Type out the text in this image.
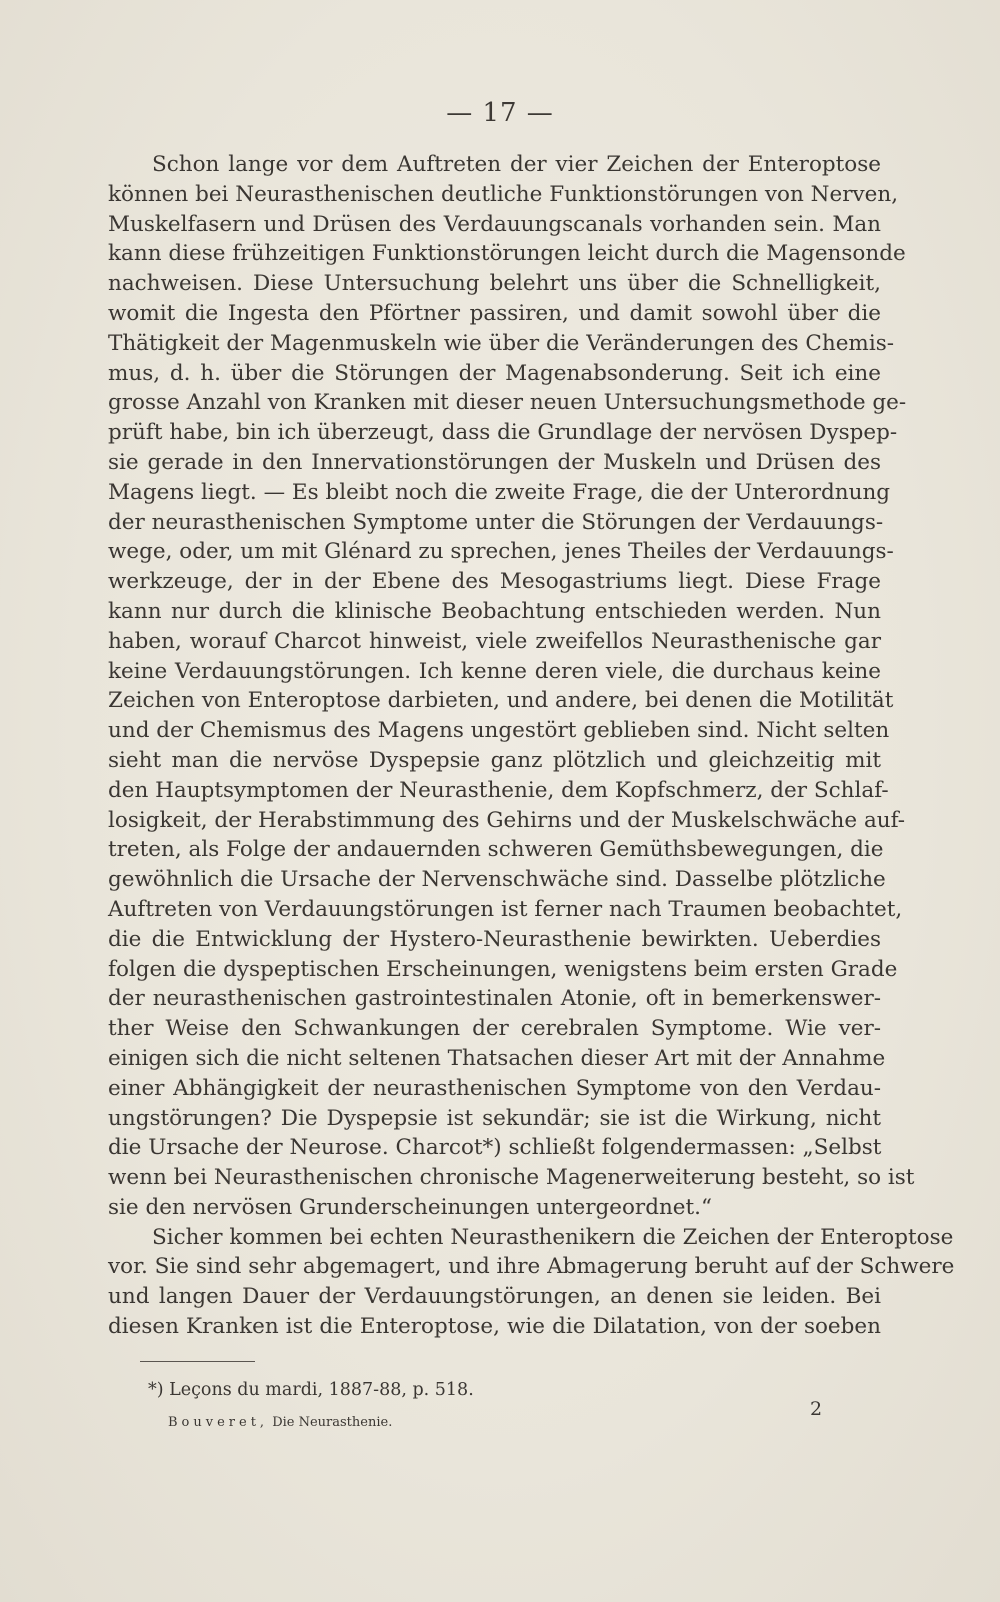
— 17 —
Schon lange vor dem Auftreten der vier Zeichen der Enteroptose
können bei Neurasthenischen deutliche Funktionstörungen von Nerven,
Muskelfasern und Drüsen des Verdauungscanals vorhanden sein. Man
kann diese frühzeitigen Funktionstörungen leicht durch die Magensonde
nachweisen. Diese Untersuchung belehrt uns über die Schnelligkeit,
womit die Ingesta den Pförtner passiren, und damit sowohl über die
Thätigkeit der Magenmuskeln wie über die Veränderungen des Chemis-
mus, d. h. über die Störungen der Magenabsonderung. Seit ich eine
grosse Anzahl von Kranken mit dieser neuen Untersuchungsmethode ge-
prüft habe, bin ich überzeugt, dass die Grundlage der nervösen Dyspep-
sie gerade in den Innervationstörungen der Muskeln und Drüsen des
Magens liegt. — Es bleibt noch die zweite Frage, die der Unterordnung
der neurasthenischen Symptome unter die Störungen der Verdauungs-
wege, oder, um mit Glénard zu sprechen, jenes Theiles der Verdauungs-
werkzeuge, der in der Ebene des Mesogastriums liegt. Diese Frage
kann nur durch die klinische Beobachtung entschieden werden. Nun
haben, worauf Charcot hinweist, viele zweifellos Neurasthenische gar
keine Verdauungstörungen. Ich kenne deren viele, die durchaus keine
Zeichen von Enteroptose darbieten, und andere, bei denen die Motilität
und der Chemismus des Magens ungestört geblieben sind. Nicht selten
sieht man die nervöse Dyspepsie ganz plötzlich und gleichzeitig mit
den Hauptsymptomen der Neurasthenie, dem Kopfschmerz, der Schlaf-
losigkeit, der Herabstimmung des Gehirns und der Muskelschwäche auf-
treten, als Folge der andauernden schweren Gemüthsbewegungen, die
gewöhnlich die Ursache der Nervenschwäche sind. Dasselbe plötzliche
Auftreten von Verdauungstörungen ist ferner nach Traumen beobachtet,
die die Entwicklung der Hystero-Neurasthenie bewirkten. Ueberdies
folgen die dyspeptischen Erscheinungen, wenigstens beim ersten Grade
der neurasthenischen gastrointestinalen Atonie, oft in bemerkenswer-
ther Weise den Schwankungen der cerebralen Symptome. Wie ver-
einigen sich die nicht seltenen Thatsachen dieser Art mit der Annahme
einer Abhängigkeit der neurasthenischen Symptome von den Verdau-
ungstörungen? Die Dyspepsie ist sekundär; sie ist die Wirkung, nicht
die Ursache der Neurose. Charcot*) schließt folgendermassen: „Selbst
wenn bei Neurasthenischen chronische Magenerweiterung besteht, so ist
sie den nervösen Grunderscheinungen untergeordnet.“
Sicher kommen bei echten Neurasthenikern die Zeichen der Enteroptose
vor. Sie sind sehr abgemagert, und ihre Abmagerung beruht auf der Schwere
und langen Dauer der Verdauungstörungen, an denen sie leiden. Bei
diesen Kranken ist die Enteroptose, wie die Dilatation, von der soeben
*) Leçons du mardi, 1887-88, p. 518.
2
Bouveret, Die Neurasthenie.
